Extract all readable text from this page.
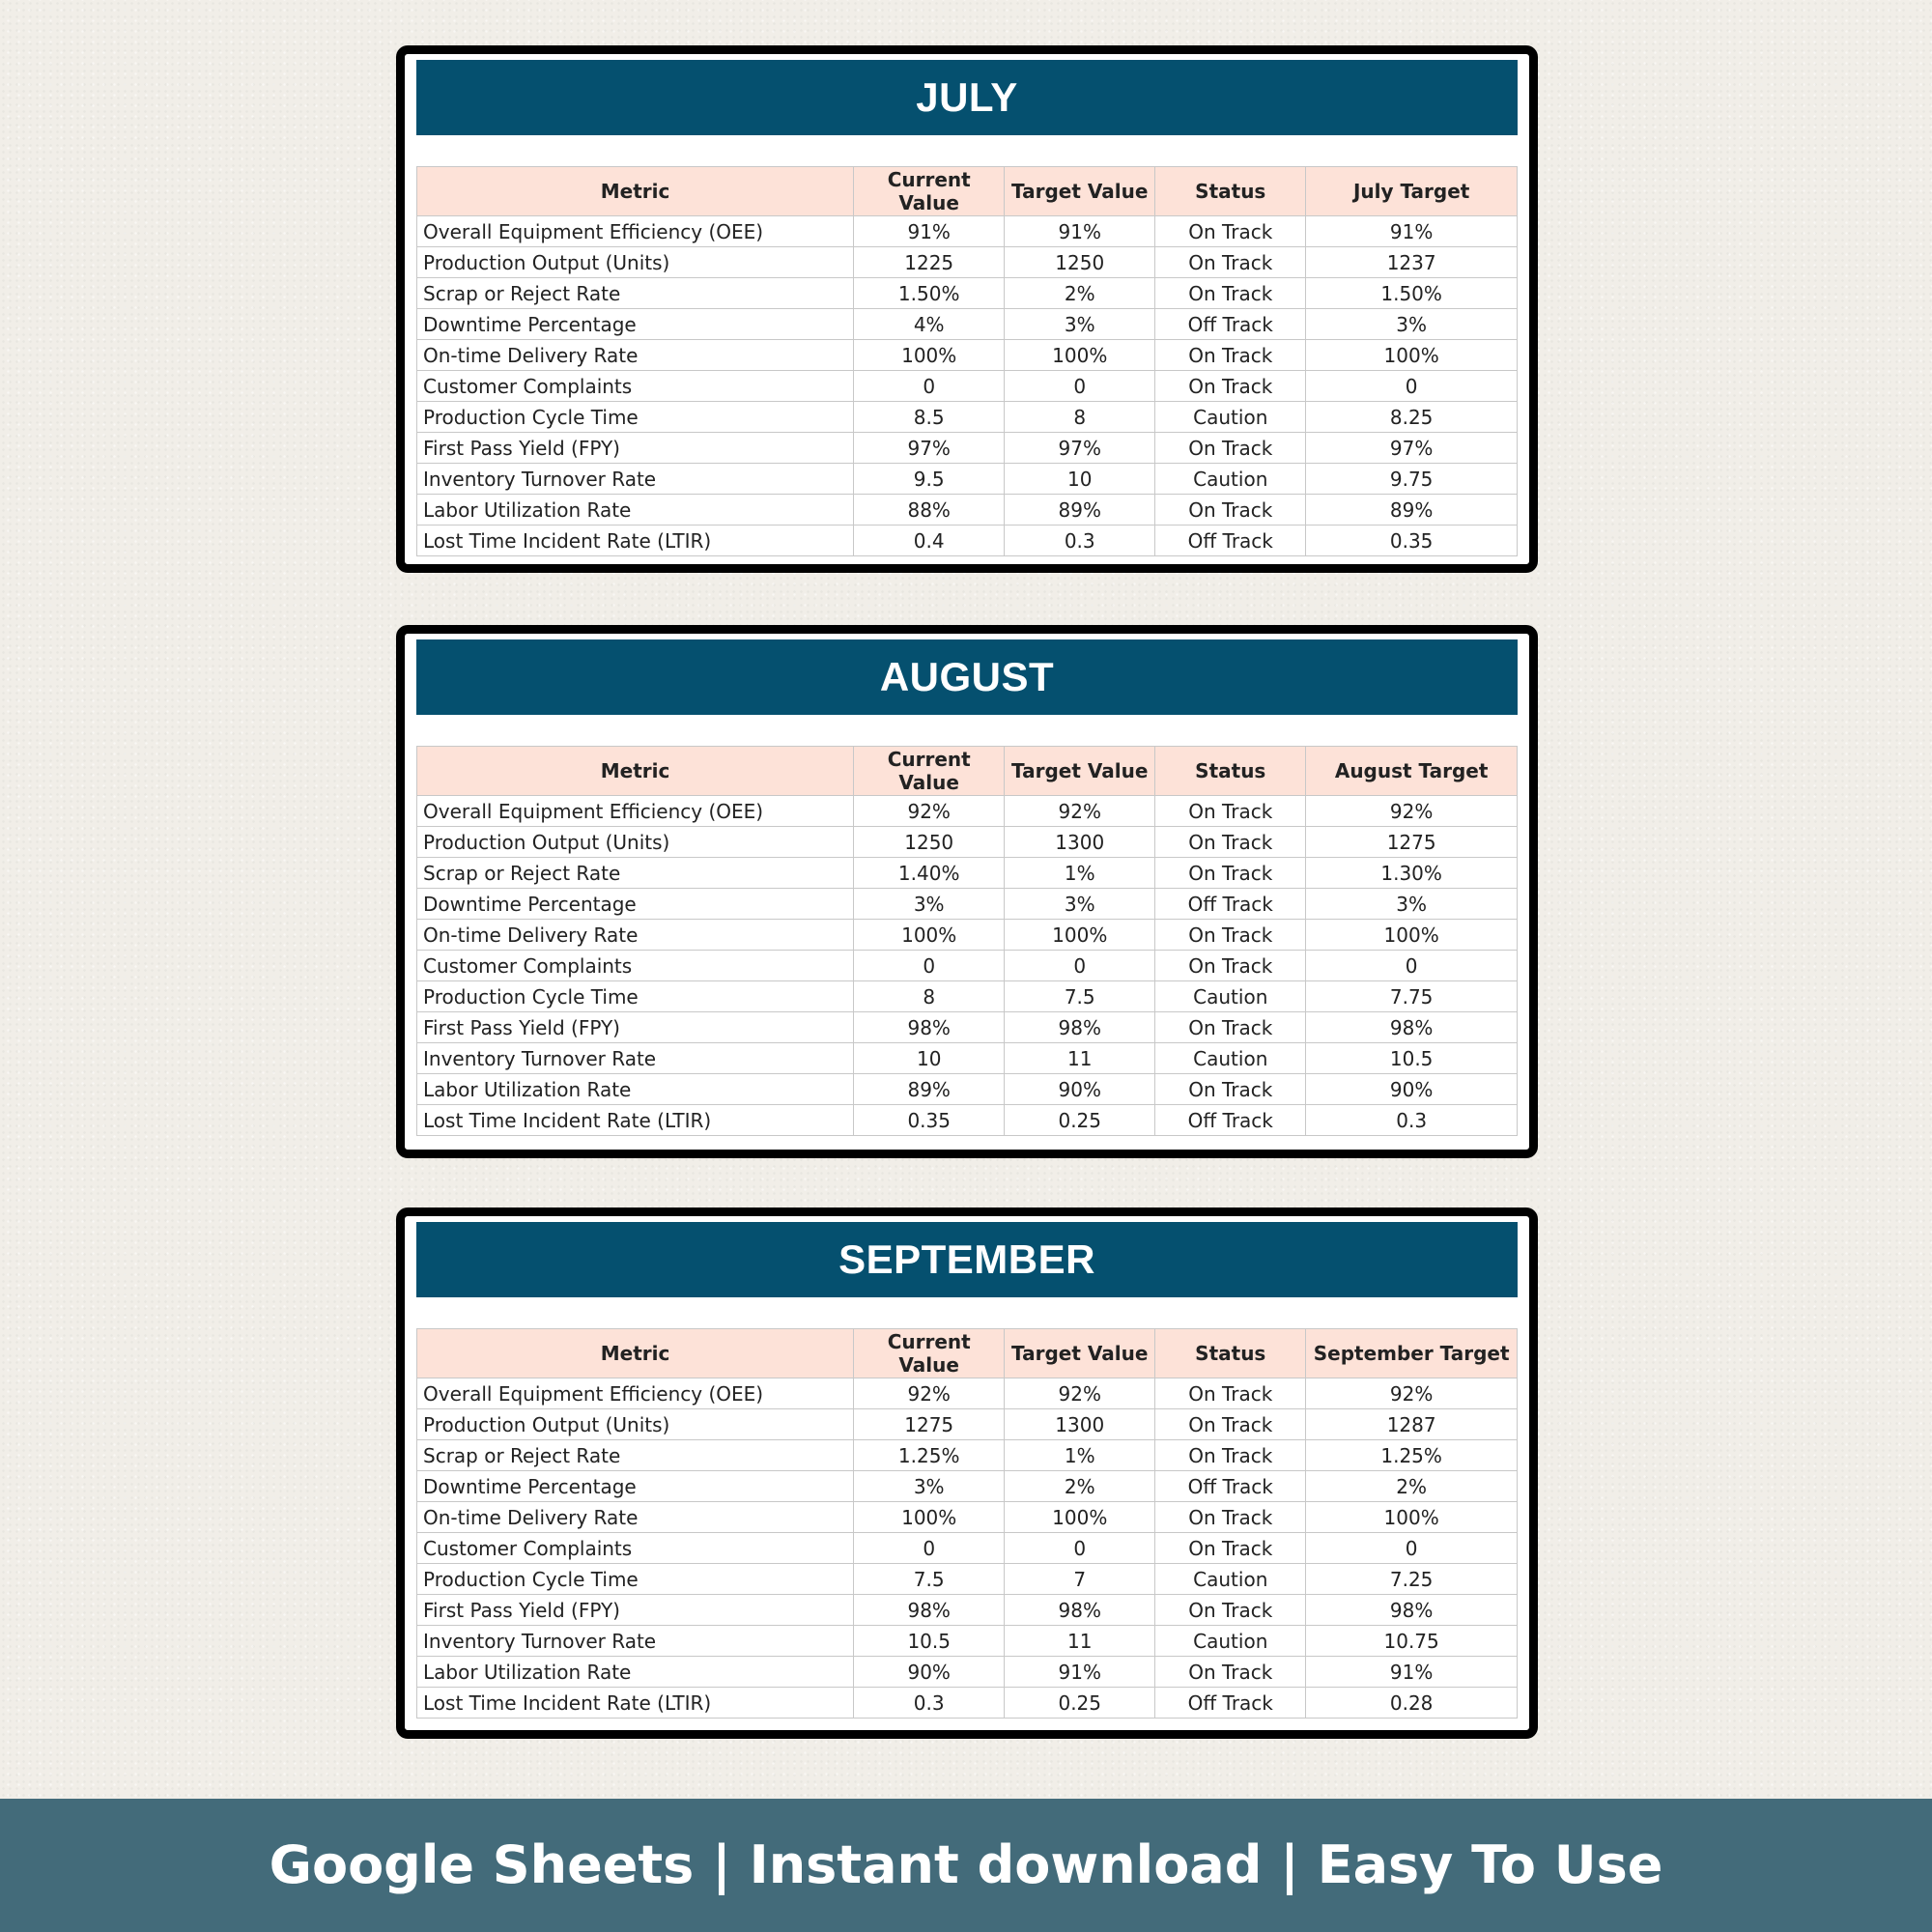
JULY
Metric	Current Value	Target Value	Status	July Target
Overall Equipment Efficiency (OEE)	91%	91%	On Track	91%
Production Output (Units)	1225	1250	On Track	1237
Scrap or Reject Rate	1.50%	2%	On Track	1.50%
Downtime Percentage	4%	3%	Off Track	3%
On-time Delivery Rate	100%	100%	On Track	100%
Customer Complaints	0	0	On Track	0
Production Cycle Time	8.5	8	Caution	8.25
First Pass Yield (FPY)	97%	97%	On Track	97%
Inventory Turnover Rate	9.5	10	Caution	9.75
Labor Utilization Rate	88%	89%	On Track	89%
Lost Time Incident Rate (LTIR)	0.4	0.3	Off Track	0.35
AUGUST
Metric	Current Value	Target Value	Status	August Target
Overall Equipment Efficiency (OEE)	92%	92%	On Track	92%
Production Output (Units)	1250	1300	On Track	1275
Scrap or Reject Rate	1.40%	1%	On Track	1.30%
Downtime Percentage	3%	3%	Off Track	3%
On-time Delivery Rate	100%	100%	On Track	100%
Customer Complaints	0	0	On Track	0
Production Cycle Time	8	7.5	Caution	7.75
First Pass Yield (FPY)	98%	98%	On Track	98%
Inventory Turnover Rate	10	11	Caution	10.5
Labor Utilization Rate	89%	90%	On Track	90%
Lost Time Incident Rate (LTIR)	0.35	0.25	Off Track	0.3
SEPTEMBER
Metric	Current Value	Target Value	Status	September Target
Overall Equipment Efficiency (OEE)	92%	92%	On Track	92%
Production Output (Units)	1275	1300	On Track	1287
Scrap or Reject Rate	1.25%	1%	On Track	1.25%
Downtime Percentage	3%	2%	Off Track	2%
On-time Delivery Rate	100%	100%	On Track	100%
Customer Complaints	0	0	On Track	0
Production Cycle Time	7.5	7	Caution	7.25
First Pass Yield (FPY)	98%	98%	On Track	98%
Inventory Turnover Rate	10.5	11	Caution	10.75
Labor Utilization Rate	90%	91%	On Track	91%
Lost Time Incident Rate (LTIR)	0.3	0.25	Off Track	0.28
Google Sheets | Instant download | Easy To Use
